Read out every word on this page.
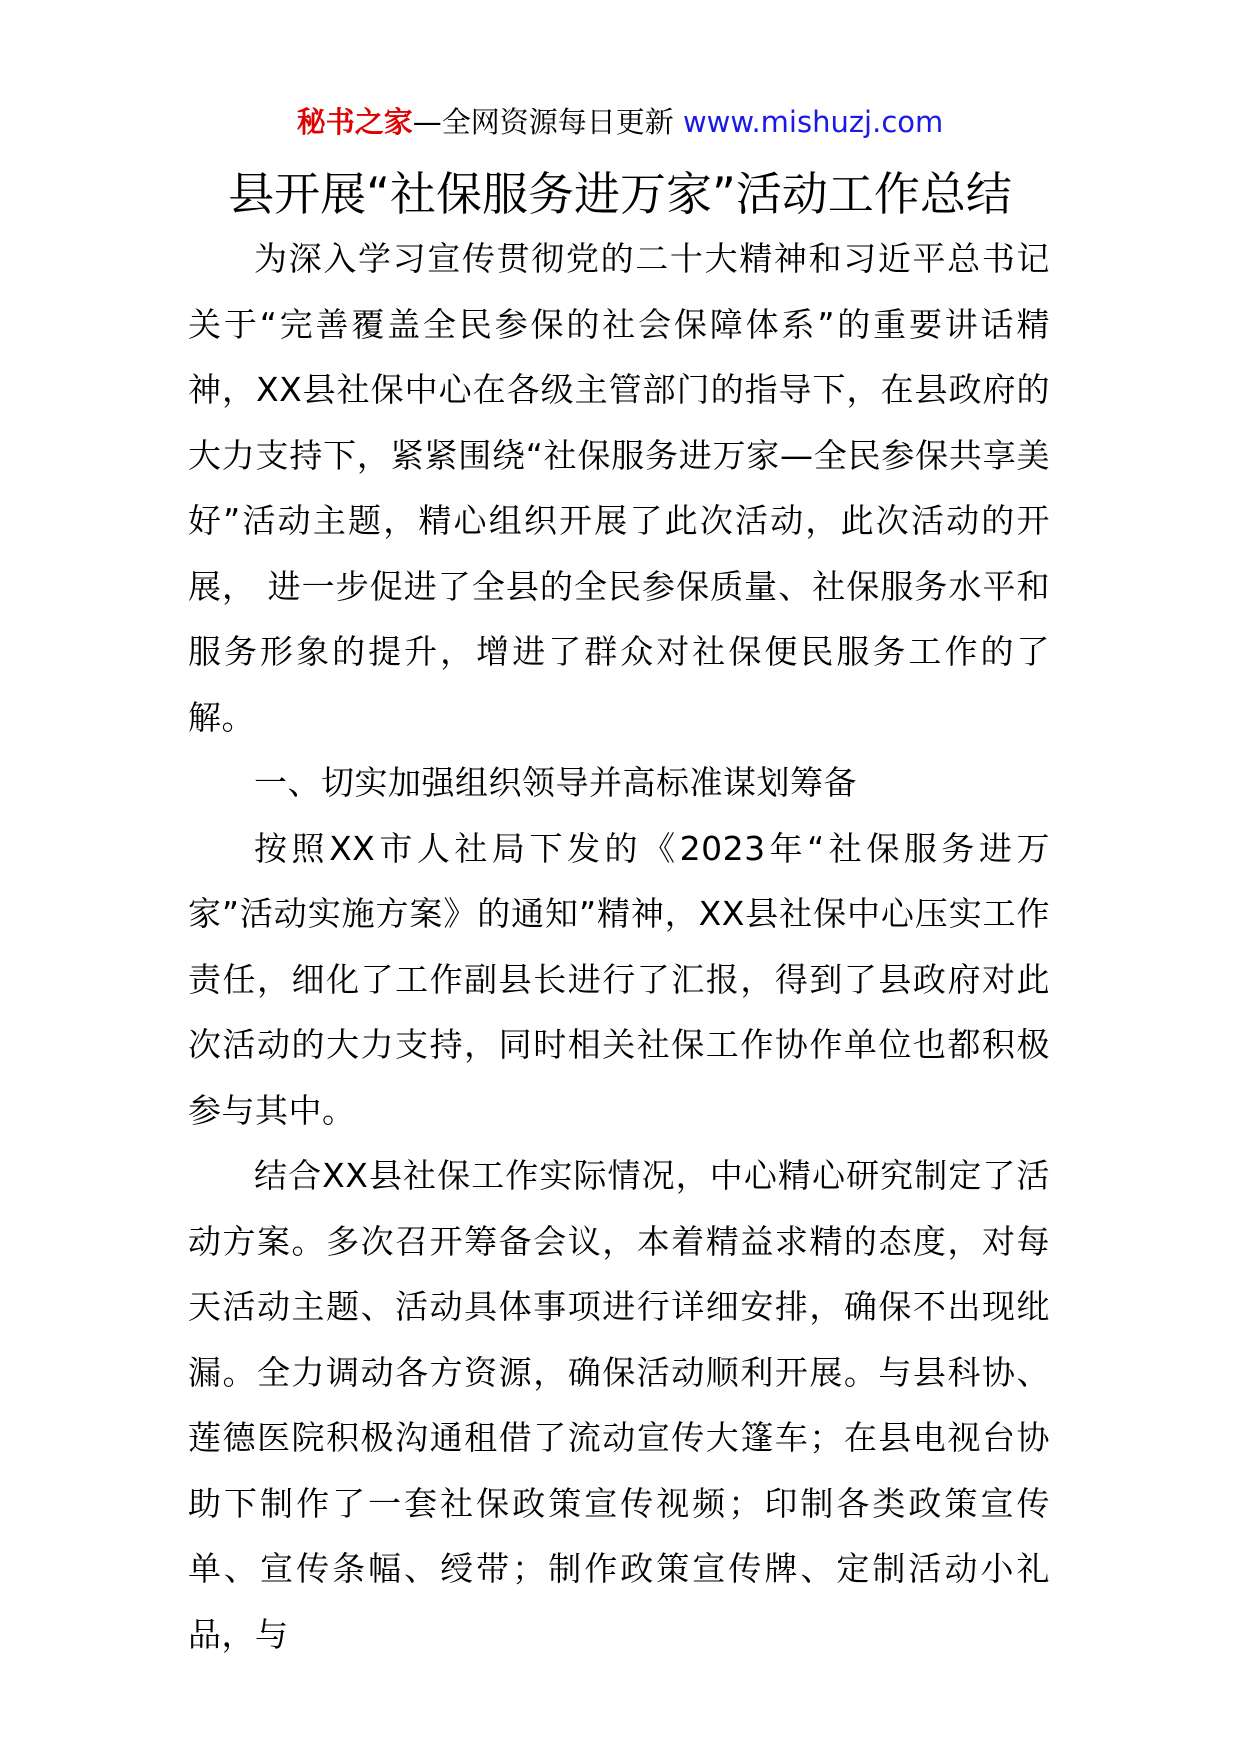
秘书之家—全网资源每日更新 www.mishuzj.com
县开展“社保服务进万家”活动工作总结

为深入学习宣传贯彻党的二十大精神和习近平总书记关于“完善覆盖全民参保的社会保障体系”的重要讲话精神，XX县社保中心在各级主管部门的指导下，在县政府的大力支持下，紧紧围绕“社保服务进万家—全民参保共享美好”活动主题，精心组织开展了此次活动，此次活动的开展， 进一步促进了全县的全民参保质量、社保服务水平和服务形象的提升，增进了群众对社保便民服务工作的了解。

一、切实加强组织领导并高标准谋划筹备

按照XX市人社局下发的《2023年“社保服务进万家”活动实施方案》的通知”精神，XX县社保中心压实工作责任，细化了工作副县长进行了汇报，得到了县政府对此次活动的大力支持，同时相关社保工作协作单位也都积极参与其中。

结合XX县社保工作实际情况，中心精心研究制定了活动方案。多次召开筹备会议，本着精益求精的态度，对每天活动主题、活动具体事项进行详细安排，确保不出现纰漏。全力调动各方资源，确保活动顺利开展。与县科协、莲德医院积极沟通租借了流动宣传大篷车；在县电视台协助下制作了一套社保政策宣传视频；印制各类政策宣传单、宣传条幅、绶带；制作政策宣传牌、定制活动小礼品，与
